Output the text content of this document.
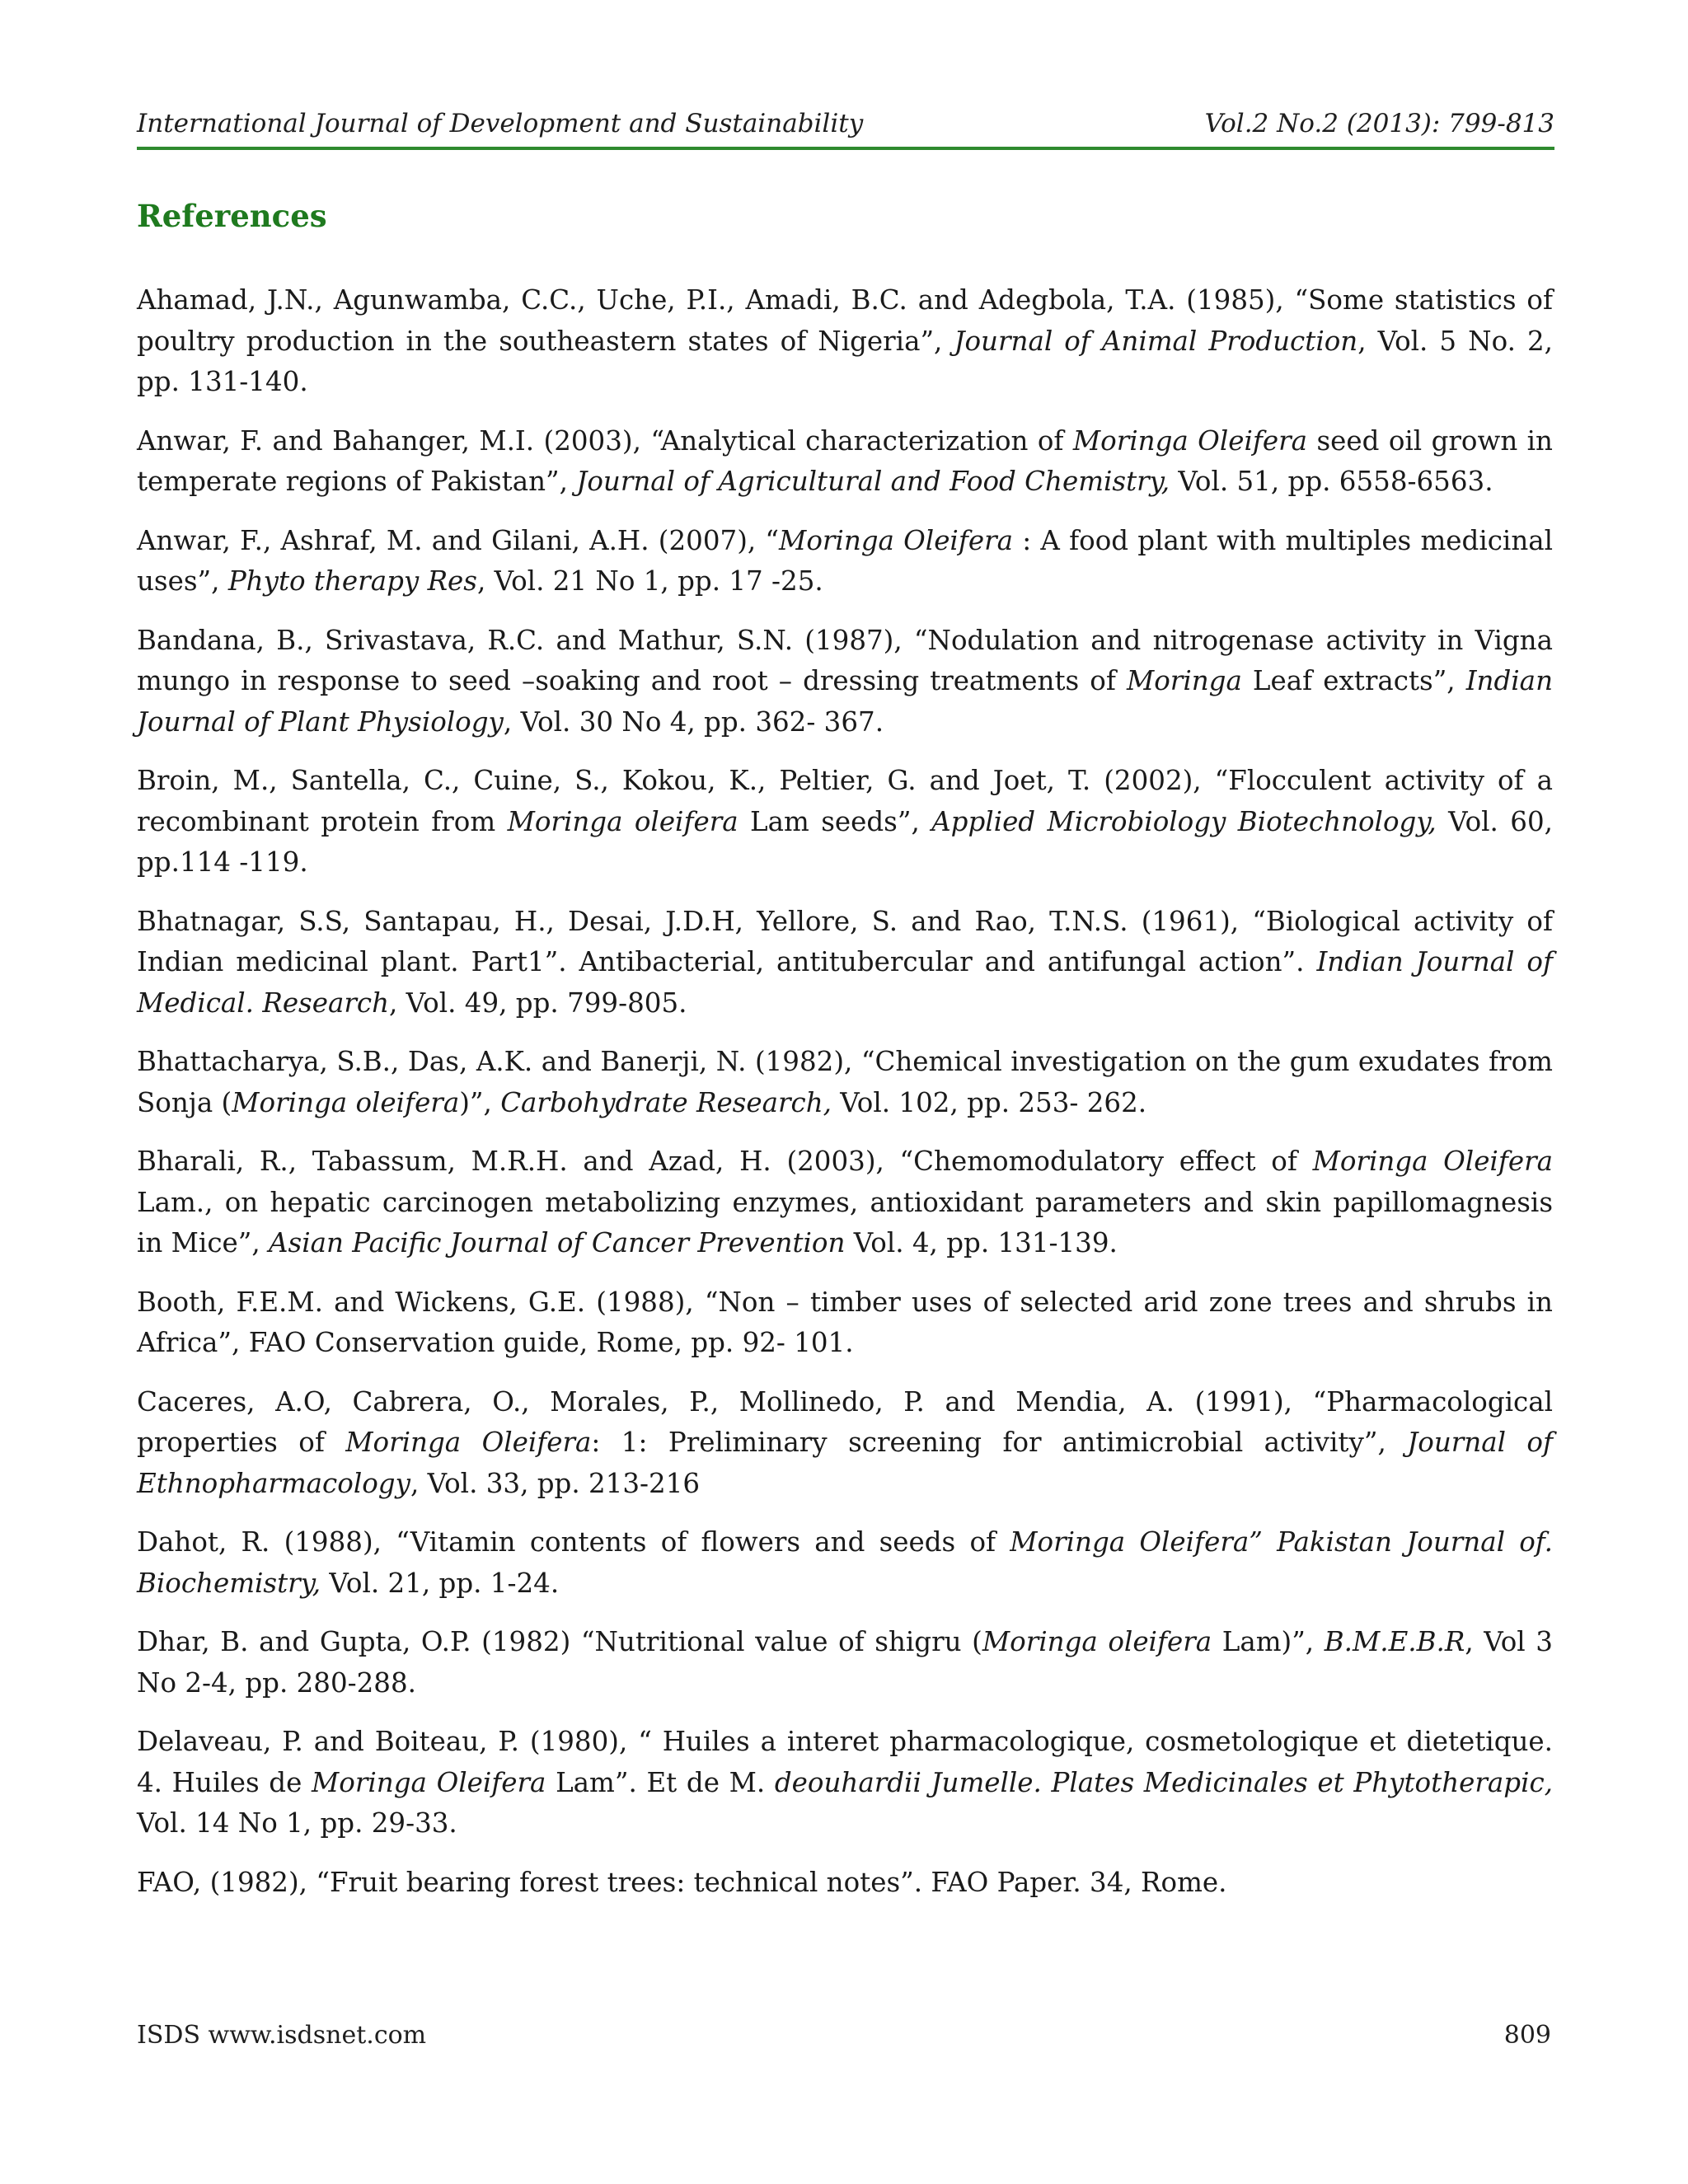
International Journal of Development and Sustainability	Vol.2 No.2 (2013): 799-813
References
Ahamad, J.N., Agunwamba, C.C., Uche, P.I., Amadi, B.C. and Adegbola, T.A. (1985), “Some statistics of poultry production in the southeastern states of Nigeria”, Journal of Animal Production, Vol. 5 No. 2, pp. 131-140.
Anwar, F. and Bahanger, M.I. (2003), “Analytical characterization of Moringa Oleifera seed oil grown in temperate regions of Pakistan”, Journal of Agricultural and Food Chemistry, Vol. 51, pp. 6558-6563.
Anwar, F., Ashraf, M. and Gilani, A.H. (2007), “Moringa Oleifera : A food plant with multiples medicinal uses”, Phyto therapy Res, Vol. 21 No 1, pp. 17 -25.
Bandana, B., Srivastava, R.C. and Mathur, S.N. (1987), “Nodulation and nitrogenase activity in Vigna mungo in response to seed –soaking and root – dressing treatments of Moringa Leaf extracts”, Indian Journal of Plant Physiology, Vol. 30 No 4, pp. 362- 367.
Broin, M., Santella, C., Cuine, S., Kokou, K., Peltier, G. and Joet, T. (2002), “Flocculent activity of a recombinant protein from Moringa oleifera Lam seeds”, Applied Microbiology Biotechnology, Vol. 60, pp.114 -119.
Bhatnagar, S.S, Santapau, H., Desai, J.D.H, Yellore, S. and Rao, T.N.S. (1961), “Biological activity of Indian medicinal plant. Part1”. Antibacterial, antitubercular and antifungal action”. Indian Journal of Medical. Research, Vol. 49, pp. 799-805.
Bhattacharya, S.B., Das, A.K. and Banerji, N. (1982), “Chemical investigation on the gum exudates from Sonja (Moringa oleifera)”, Carbohydrate Research, Vol. 102, pp. 253- 262.
Bharali, R., Tabassum, M.R.H. and Azad, H. (2003), “Chemomodulatory effect of Moringa Oleifera Lam., on hepatic carcinogen metabolizing enzymes, antioxidant parameters and skin papillomagnesis in Mice”, Asian Pacific Journal of Cancer Prevention Vol. 4, pp. 131-139.
Booth, F.E.M. and Wickens, G.E. (1988), “Non – timber uses of selected arid zone trees and shrubs in Africa”, FAO Conservation guide, Rome, pp. 92- 101.
Caceres, A.O, Cabrera, O., Morales, P., Mollinedo, P. and Mendia, A. (1991), “Pharmacological properties of Moringa Oleifera: 1: Preliminary screening for antimicrobial activity”, Journal of Ethnopharmacology, Vol. 33, pp. 213-216
Dahot, R. (1988), “Vitamin contents of flowers and seeds of Moringa Oleifera” Pakistan Journal of. Biochemistry, Vol. 21, pp. 1-24.
Dhar, B. and Gupta, O.P. (1982) “Nutritional value of shigru (Moringa oleifera Lam)”, B.M.E.B.R, Vol 3 No 2-4, pp. 280-288.
Delaveau, P. and Boiteau, P. (1980), “ Huiles a interet pharmacologique, cosmetologique et dietetique. 4. Huiles de Moringa Oleifera Lam”. Et de M. deouhardii Jumelle. Plates Medicinales et Phytotherapic, Vol. 14 No 1, pp. 29-33.
FAO, (1982), “Fruit bearing forest trees: technical notes”. FAO Paper. 34, Rome.
ISDS www.isdsnet.com	809
